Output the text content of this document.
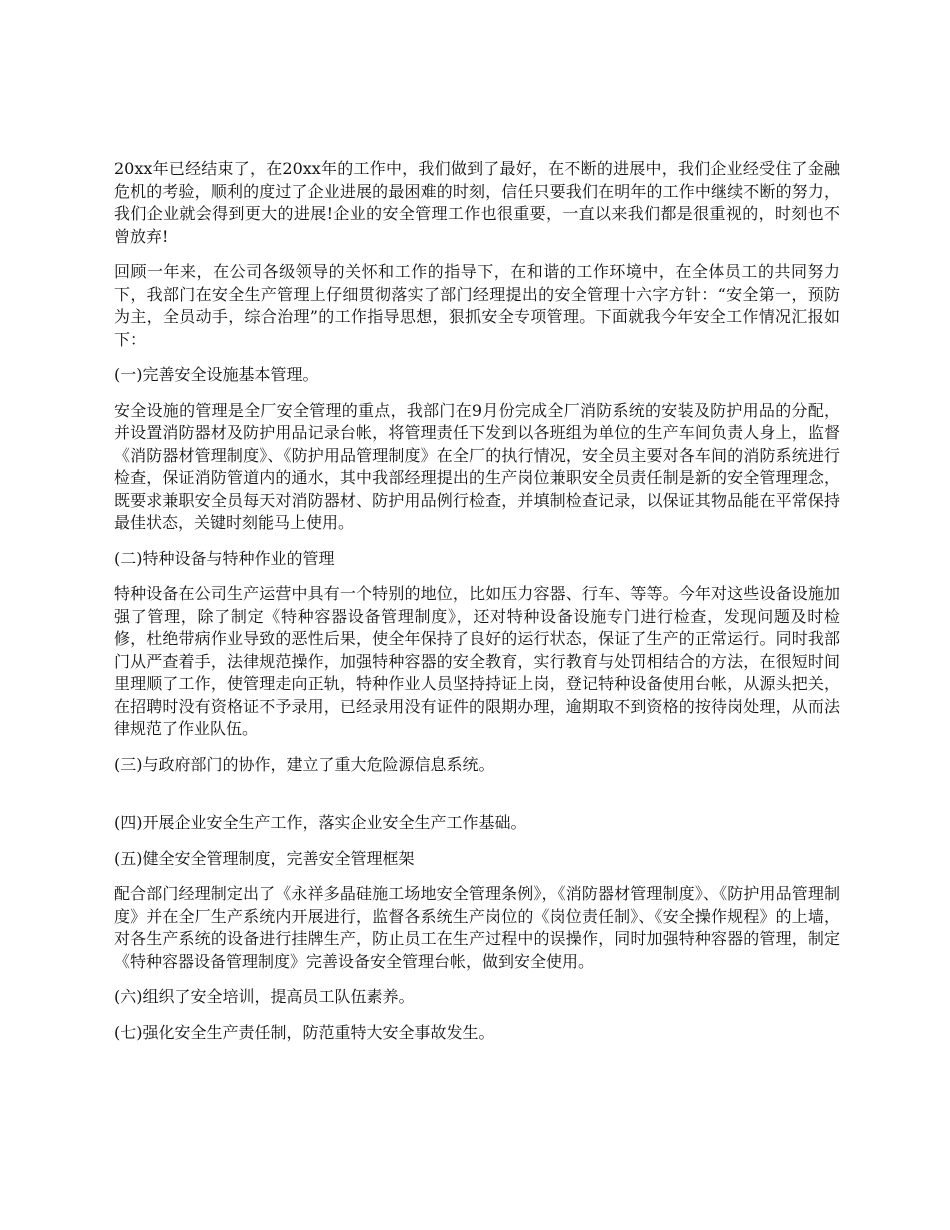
20xx年已经结束了，在20xx年的工作中，我们做到了最好，在不断的进展中，我们企业经受住了金融危机的考验，顺利的度过了企业进展的最困难的时刻，信任只要我们在明年的工作中继续不断的努力，我们企业就会得到更大的进展!企业的安全管理工作也很重要，一直以来我们都是很重视的，时刻也不曾放弃!

回顾一年来，在公司各级领导的关怀和工作的指导下，在和谐的工作环境中，在全体员工的共同努力下，我部门在安全生产管理上仔细贯彻落实了部门经理提出的安全管理十六字方针：“安全第一，预防为主，全员动手，综合治理”的工作指导思想，狠抓安全专项管理。下面就我今年安全工作情况汇报如下：

(一)完善安全设施基本管理。

安全设施的管理是全厂安全管理的重点，我部门在9月份完成全厂消防系统的安装及防护用品的分配，并设置消防器材及防护用品记录台帐，将管理责任下发到以各班组为单位的生产车间负责人身上，监督《消防器材管理制度》、《防护用品管理制度》在全厂的执行情况，安全员主要对各车间的消防系统进行检查，保证消防管道内的通水，其中我部经理提出的生产岗位兼职安全员责任制是新的安全管理理念，既要求兼职安全员每天对消防器材、防护用品例行检查，并填制检查记录，以保证其物品能在平常保持最佳状态，关键时刻能马上使用。

(二)特种设备与特种作业的管理

特种设备在公司生产运营中具有一个特别的地位，比如压力容器、行车、等等。今年对这些设备设施加强了管理，除了制定《特种容器设备管理制度》，还对特种设备设施专门进行检查，发现问题及时检修，杜绝带病作业导致的恶性后果，使全年保持了良好的运行状态，保证了生产的正常运行。同时我部门从严查着手，法律规范操作，加强特种容器的安全教育，实行教育与处罚相结合的方法，在很短时间里理顺了工作，使管理走向正轨，特种作业人员坚持持证上岗，登记特种设备使用台帐，从源头把关，在招聘时没有资格证不予录用，已经录用没有证件的限期办理，逾期取不到资格的按待岗处理，从而法律规范了作业队伍。

(三)与政府部门的协作，建立了重大危险源信息系统。

(四)开展企业安全生产工作，落实企业安全生产工作基础。

(五)健全安全管理制度，完善安全管理框架

配合部门经理制定出了《永祥多晶硅施工场地安全管理条例》，《消防器材管理制度》、《防护用品管理制度》并在全厂生产系统内开展进行，监督各系统生产岗位的《岗位责任制》、《安全操作规程》的上墙，对各生产系统的设备进行挂牌生产，防止员工在生产过程中的误操作，同时加强特种容器的管理，制定《特种容器设备管理制度》完善设备安全管理台帐，做到安全使用。

(六)组织了安全培训，提高员工队伍素养。

(七)强化安全生产责任制，防范重特大安全事故发生。
